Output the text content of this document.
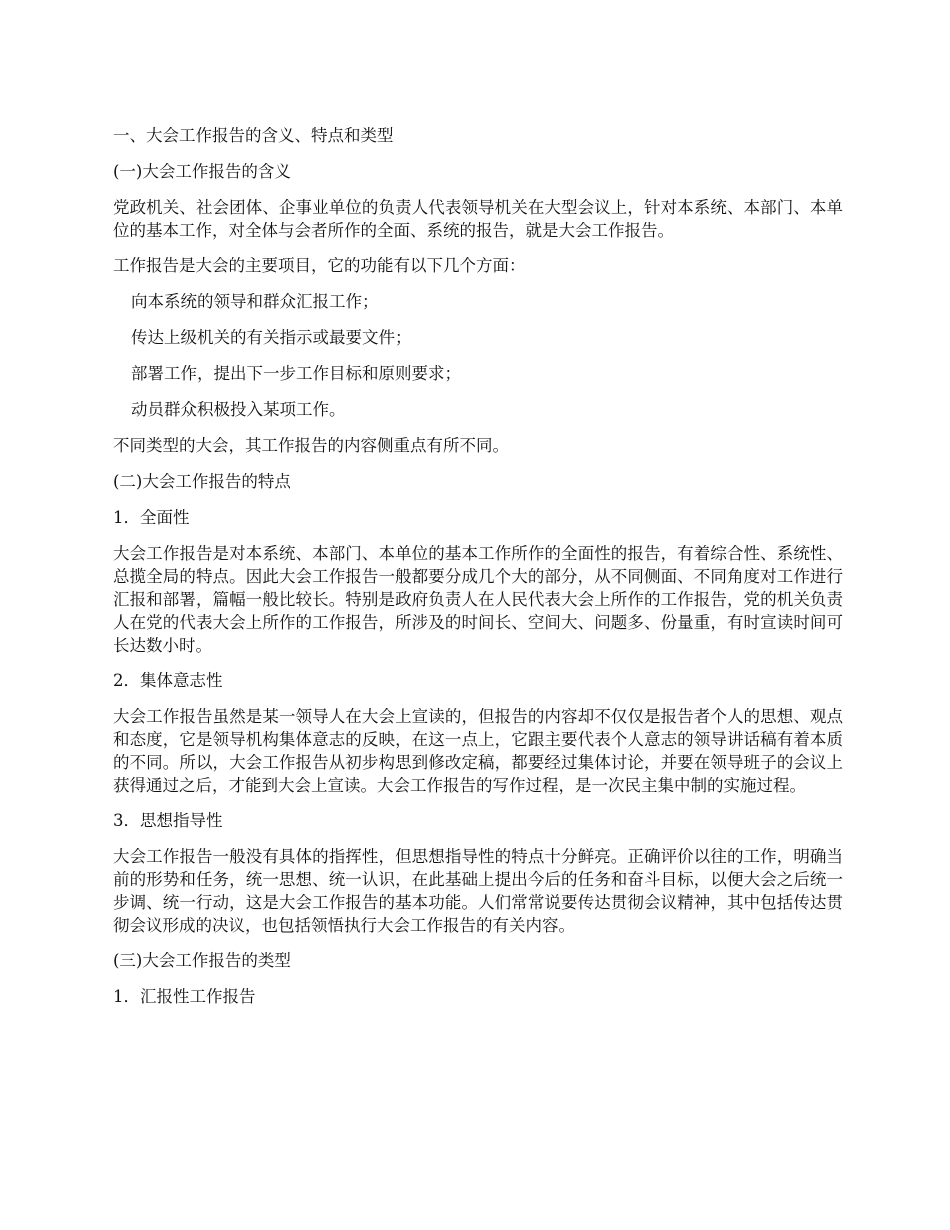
一、大会工作报告的含义、特点和类型

(一)大会工作报告的含义

党政机关、社会团体、企事业单位的负责人代表领导机关在大型会议上，针对本系统、本部门、本单位的基本工作，对全体与会者所作的全面、系统的报告，就是大会工作报告。

工作报告是大会的主要项目，它的功能有以下几个方面：

向本系统的领导和群众汇报工作；

传达上级机关的有关指示或最要文件；

部署工作，提出下一步工作目标和原则要求；

动员群众积极投入某项工作。

不同类型的大会，其工作报告的内容侧重点有所不同。

(二)大会工作报告的特点

1．全面性

大会工作报告是对本系统、本部门、本单位的基本工作所作的全面性的报告，有着综合性、系统性、总揽全局的特点。因此大会工作报告一般都要分成几个大的部分，从不同侧面、不同角度对工作进行汇报和部署，篇幅一般比较长。特别是政府负责人在人民代表大会上所作的工作报告，党的机关负责人在党的代表大会上所作的工作报告，所涉及的时间长、空间大、问题多、份量重，有时宣读时间可长达数小时。

2．集体意志性

大会工作报告虽然是某一领导人在大会上宣读的，但报告的内容却不仅仅是报告者个人的思想、观点和态度，它是领导机构集体意志的反映，在这一点上，它跟主要代表个人意志的领导讲话稿有着本质的不同。所以，大会工作报告从初步构思到修改定稿，都要经过集体讨论，并要在领导班子的会议上获得通过之后，才能到大会上宣读。大会工作报告的写作过程，是一次民主集中制的实施过程。

3．思想指导性

大会工作报告一般没有具体的指挥性，但思想指导性的特点十分鲜亮。正确评价以往的工作，明确当前的形势和任务，统一思想、统一认识，在此基础上提出今后的任务和奋斗目标，以便大会之后统一步调、统一行动，这是大会工作报告的基本功能。人们常常说要传达贯彻会议精神，其中包括传达贯彻会议形成的决议，也包括领悟执行大会工作报告的有关内容。

(三)大会工作报告的类型

1．汇报性工作报告
